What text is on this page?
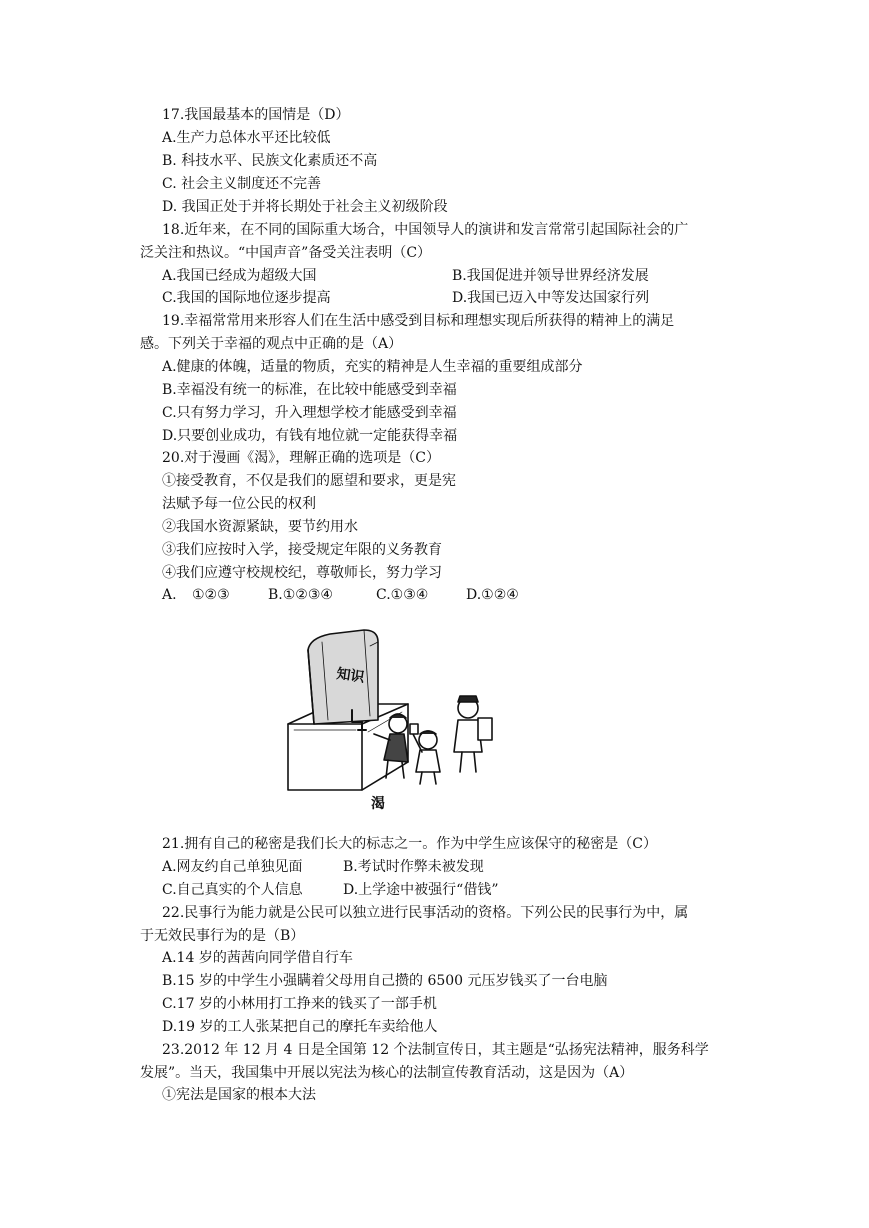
17.我国最基本的国情是（D）
A.生产力总体水平还比较低
B. 科技水平、民族文化素质还不高
C. 社会主义制度还不完善
D. 我国正处于并将长期处于社会主义初级阶段
18.近年来，在不同的国际重大场合，中国领导人的演讲和发言常常引起国际社会的广
泛关注和热议。“中国声音”备受关注表明（C）
A.我国已经成为超级大国	B.我国促进并领导世界经济发展
C.我国的国际地位逐步提高	D.我国已迈入中等发达国家行列
19.幸福常常用来形容人们在生活中感受到目标和理想实现后所获得的精神上的满足
感。下列关于幸福的观点中正确的是（A）
A.健康的体魄，适量的物质，充实的精神是人生幸福的重要组成部分
B.幸福没有统一的标准，在比较中能感受到幸福
C.只有努力学习，升入理想学校才能感受到幸福
D.只要创业成功，有钱有地位就一定能获得幸福
20.对于漫画《渴》，理解正确的选项是（C）
①接受教育，不仅是我们的愿望和要求，更是宪
法赋予每一位公民的权利
②我国水资源紧缺，要节约用水
③我们应按时入学，接受规定年限的义务教育
④我们应遵守校规校纪，尊敬师长，努力学习
A. ①②③	B.①②③④	C.①③④	D.①②④
知识
渴
21.拥有自己的秘密是我们长大的标志之一。作为中学生应该保守的秘密是（C）
A.网友约自己单独见面	B.考试时作弊未被发现
C.自己真实的个人信息	D.上学途中被强行“借钱”
22.民事行为能力就是公民可以独立进行民事活动的资格。下列公民的民事行为中，属
于无效民事行为的是（B）
A.14 岁的茜茜向同学借自行车
B.15 岁的中学生小强瞒着父母用自己攒的 6500 元压岁钱买了一台电脑
C.17 岁的小林用打工挣来的钱买了一部手机
D.19 岁的工人张某把自己的摩托车卖给他人
23.2012 年 12 月 4 日是全国第 12 个法制宣传日，其主题是“弘扬宪法精神，服务科学
发展”。当天，我国集中开展以宪法为核心的法制宣传教育活动，这是因为（A）
①宪法是国家的根本大法
